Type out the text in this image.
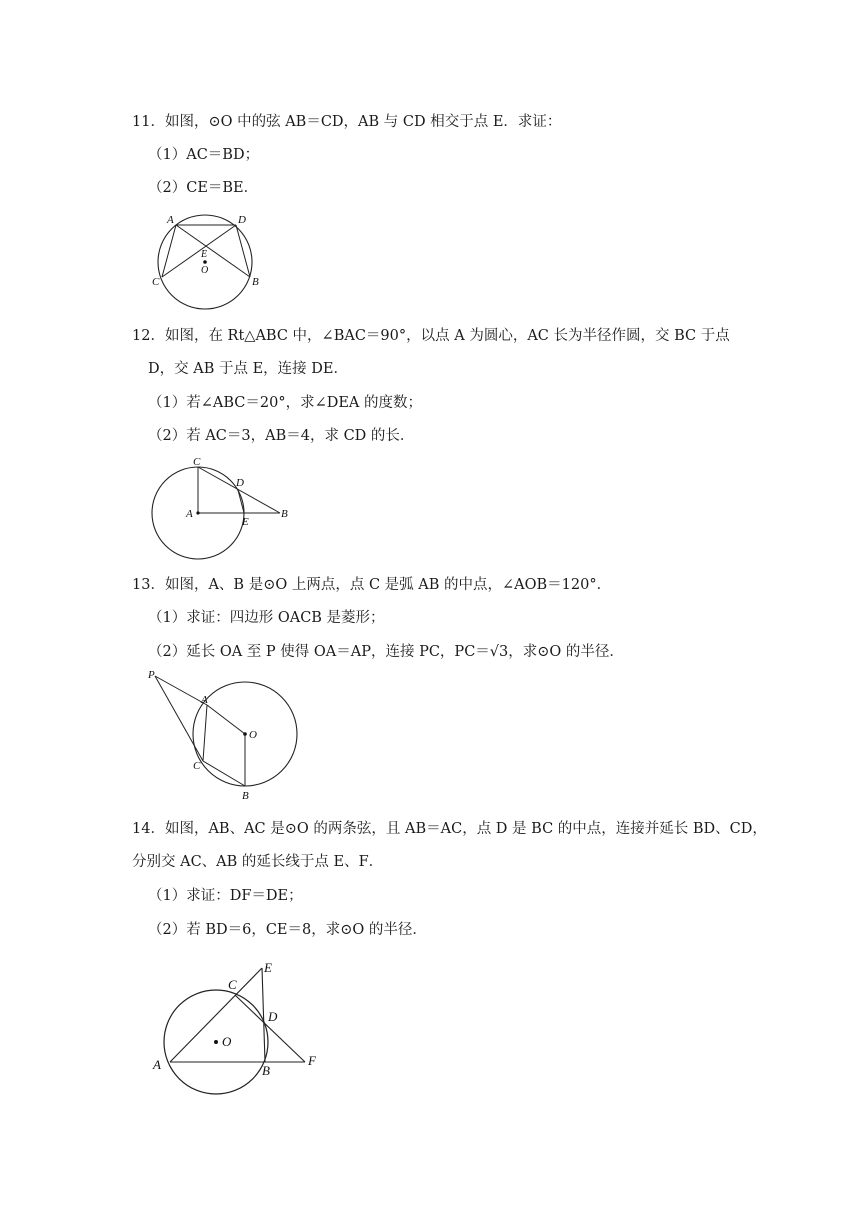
11．如图，⊙O 中的弦 AB＝CD，AB 与 CD 相交于点 E．求证：
（1）AC＝BD；
（2）CE＝BE．
A	D
E
O
C	B
12．如图，在 Rt△ABC 中，∠BAC＝90°，以点 A 为圆心，AC 长为半径作圆，交 BC 于点
D，交 AB 于点 E，连接 DE．
（1）若∠ABC＝20°，求∠DEA 的度数；
（2）若 AC＝3，AB＝4，求 CD 的长．
C
D
A
E
B
13．如图，A、B 是⊙O 上两点，点 C 是弧 AB 的中点，∠AOB＝120°．
（1）求证：四边形 OACB 是菱形；
（2）延长 OA 至 P 使得 OA＝AP，连接 PC，PC＝√3，求⊙O 的半径．
P
A
O
C
B
14．如图，AB、AC 是⊙O 的两条弦，且 AB＝AC，点 D 是 BC 的中点，连接并延长 BD、CD，
分别交 AC、AB 的延长线于点 E、F．
（1）求证：DF＝DE；
（2）若 BD＝6，CE＝8，求⊙O 的半径．
E
C
D
O
A	B
F
